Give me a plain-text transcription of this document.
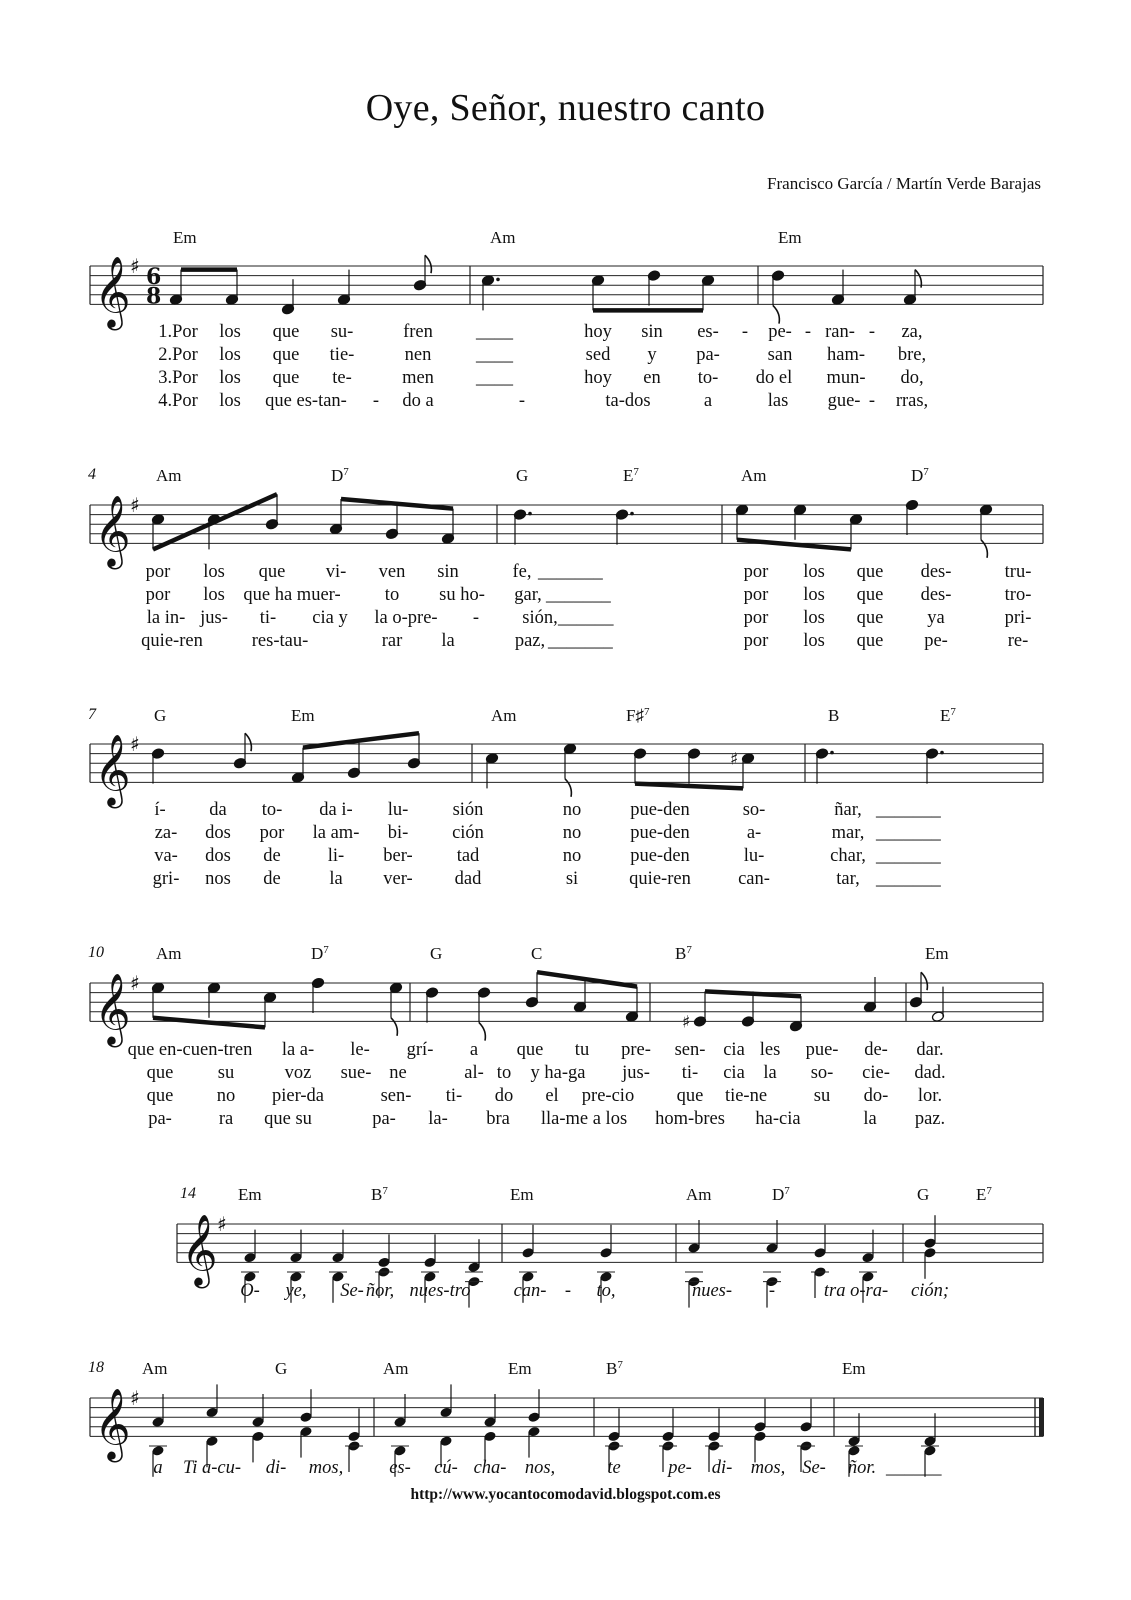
Oye, Señor, nuestro canto
Francisco García / Martín Verde Barajas
𝄞 ♯ 6
8
𝄞 ♯
𝄞 ♯
♯
𝄞 ♯
♯
𝄞 ♯
𝄞 ♯
Em	Am	Em
1.Por los que su-	fren ____	hoy sin es- - pe- - ran- - za,
2.Por los que tie-	nen ____	sed y pa-	san ham- bre,
3.Por los que te-	men ____	hoy en to- do el mun- do,
4.Por los que es-tan- - do a	-	ta-dos	a	las gue- - rras,
4	Am	$D^7$	G	$E^7$	Am	$D^7$
por los que vi- ven sin	fe, _______	por los que des-	tru-
por los que ha muer- to su ho- gar, _______	por los que des-	tro-
la in- jus- ti- cia y la o-pre- - sión, ______	por los que ya	pri-
quie-ren	res-tau-	rar la	paz, _______	por los que pe-	re-
7	G	Em	Am	F♯$^7$	B	$E^7$
í- da to- da i- lu- sión	no	pue-den	so-	ñar, _______
za- dos por la am- bi- ción	no	pue-den	a-	mar, _______
va- dos de	li- ber- tad	no	pue-den	lu-	char, _______
gri- nos de	la ver- dad	si	quie-ren	can-	tar, _______
10	Am	$D^7$	G	C	$B^7$	Em
que en-cuen-tren la a- le- grí- a que tu pre- sen- cia les pue- de- dar.
que su	voz sue- ne	al- to y ha-ga jus- ti- cia la so- cie- dad.
que no pier-da	sen- ti- do el pre-cio que tie-ne	su do- lor.
pa-	ra que su	pa- la- bra lla-me a los hom-bres ha-cia	la paz.
14 Em	$B^7$	Em	Am	$D^7$	G	$E^7$
O- ye, Se- ñor, nues-tro can- - to,	nues- -	tra o-ra- ción;
18 Am	G	Am	Em	$B^7$	Em
a Ti a-cu- di- mos, es- cú- cha- nos,	te	pe- di- mos, Se- ñor. ______
http://www.yocantocomodavid.blogspot.com.es
